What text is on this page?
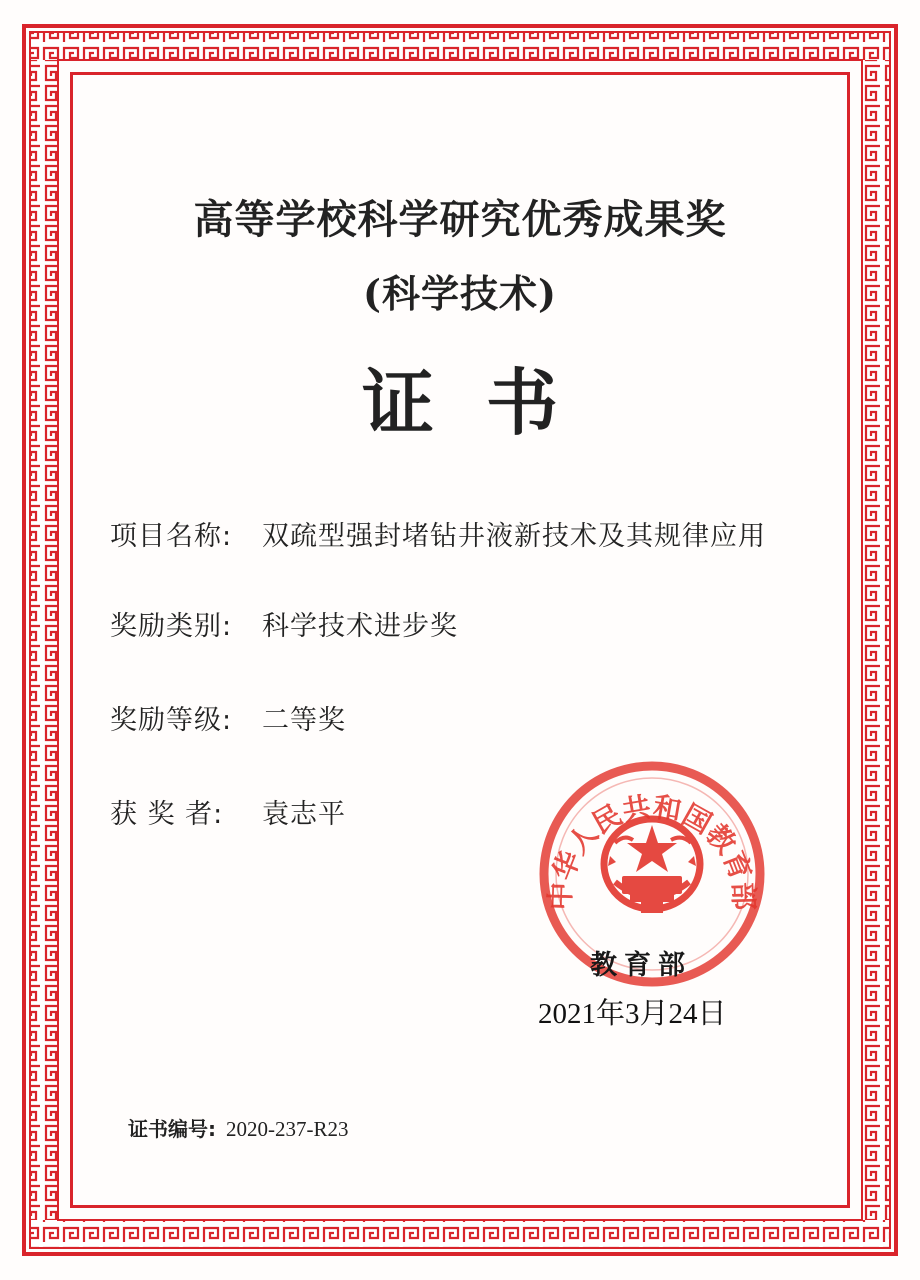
高等学校科学研究优秀成果奖
(科学技术)
证书
项目名称: 双疏型强封堵钻井液新技术及其规律应用
奖励类别: 科学技术进步奖
奖励等级: 二等奖
获 奖 者: 袁志平
中华人民共和国教育部
教育部
2021年3月24日
证书编号: 2020-237-R23
